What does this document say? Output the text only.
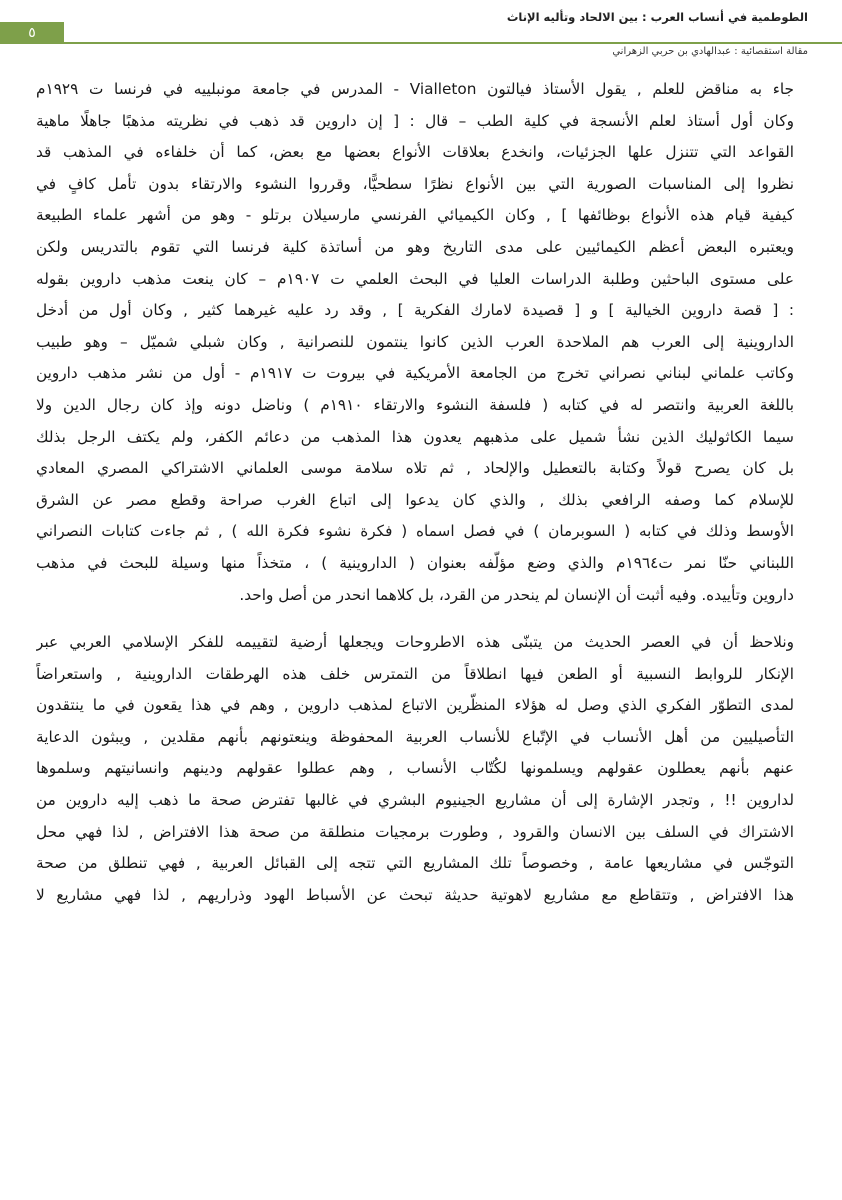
٥
الطوطمية في أنساب العرب : بين الالحاد وتأليه الإناث
مقالة استقصائية : عبدالهادي بن حربي الزهراني
جاء به مناقض للعلم , يقول الأستاذ فيالتون Vialleton - المدرس في جامعة مونبلييه في فرنسا ت ١٩٢٩م
وكان أول أستاذ لعلم الأنسجة في كلية الطب – قال : [ إن داروين قد ذهب في نظريته مذهبًا جاهلًا ماهية
القواعد التي تتنزل علها الجزئيات، وانخدع بعلاقات الأنواع بعضها مع بعض، كما أن خلفاءه في المذهب قد
نظروا إلى المناسبات الصورية التي بين الأنواع نظرًا سطحيًّا، وقرروا النشوء والارتقاء بدون تأمل كافٍ في
كيفية قيام هذه الأنواع بوظائفها ] , وكان الكيميائي الفرنسي مارسيلان برتلو - وهو من أشهر علماء الطبيعة
ويعتبره البعض أعظم الكيمائيين على مدى التاريخ وهو من أساتذة كلية فرنسا التي تقوم بالتدريس ولكن
على مستوى الباحثين وطلبة الدراسات العليا في البحث العلمي ت ١٩٠٧م – كان ينعت مذهب داروين بقوله
: [ قصة داروين الخيالية ] و [ قصيدة لامارك الفكرية ] , وقد رد عليه غيرهما كثير , وكان أول من أدخل
الداروينية إلى العرب هم الملاحدة العرب الذين كانوا ينتمون للنصرانية , وكان شبلي شميّل – وهو طبيب
وكاتب علماني لبناني نصراني تخرج من الجامعة الأمريكية في بيروت ت ١٩١٧م - أول من نشر مذهب داروين
باللغة العربية وانتصر له في كتابه ( فلسفة النشوء والارتقاء ١٩١٠م ) وناضل دونه وإذ كان رجال الدين ولا
سيما الكاثوليك الذين نشأ شميل على مذهبهم يعدون هذا المذهب من دعائم الكفر، ولم يكتف الرجل بذلك
بل كان يصرح قولاً وكتابة بالتعطيل والإلحاد , ثم تلاه سلامة موسى العلماني الاشتراكي المصري المعادي
للإسلام كما وصفه الرافعي بذلك , والذي كان يدعوا إلى اتباع الغرب صراحة وقطع مصر عن الشرق
الأوسط وذلك في كتابه ( السوبرمان ) في فصل اسماه ( فكرة نشوء فكرة الله ) , ثم جاءت كتابات النصراني
اللبناني حنّا نمر ت١٩٦٤م والذي وضع مؤلّفه بعنوان ( الداروينية ) ، متخذاً منها وسيلة للبحث في مذهب
داروين وتأييده. وفيه أثبت أن الإنسان لم ينحدر من القرد، بل كلاهما انحدر من أصل واحد.
ونلاحظ أن في العصر الحديث من يتبنّى هذه الاطروحات ويجعلها أرضية لتقييمه للفكر الإسلامي العربي عبر
الإنكار للروابط النسبية أو الطعن فيها انطلاقاً من التمترس خلف هذه الهرطقات الداروينية , واستعراضاً
لمدى التطوّر الفكري الذي وصل له هؤلاء المنظّرين الاتباع لمذهب داروين , وهم في هذا يقعون في ما ينتقدون
التأصيليين من أهل الأنساب في الإتّباع للأنساب العربية المحفوظة وينعتونهم بأنهم مقلدين , ويبثون الدعاية
عنهم بأنهم يعطلون عقولهم ويسلمونها لكُتّاب الأنساب , وهم عطلوا عقولهم ودينهم وانسانيتهم وسلموها
لداروين !! , وتجدر الإشارة إلى أن مشاريع الجينيوم البشري في غالبها تفترض صحة ما ذهب إليه داروين من
الاشتراك في السلف بين الانسان والقرود , وطورت برمجيات منطلقة من صحة هذا الافتراض , لذا فهي محل
التوجّس في مشاريعها عامة , وخصوصاً تلك المشاريع التي تتجه إلى القبائل العربية , فهي تنطلق من صحة
هذا الافتراض , وتتقاطع مع مشاريع لاهوتية حديثة تبحث عن الأسباط الهود وذراريهم , لذا فهي مشاريع لا
